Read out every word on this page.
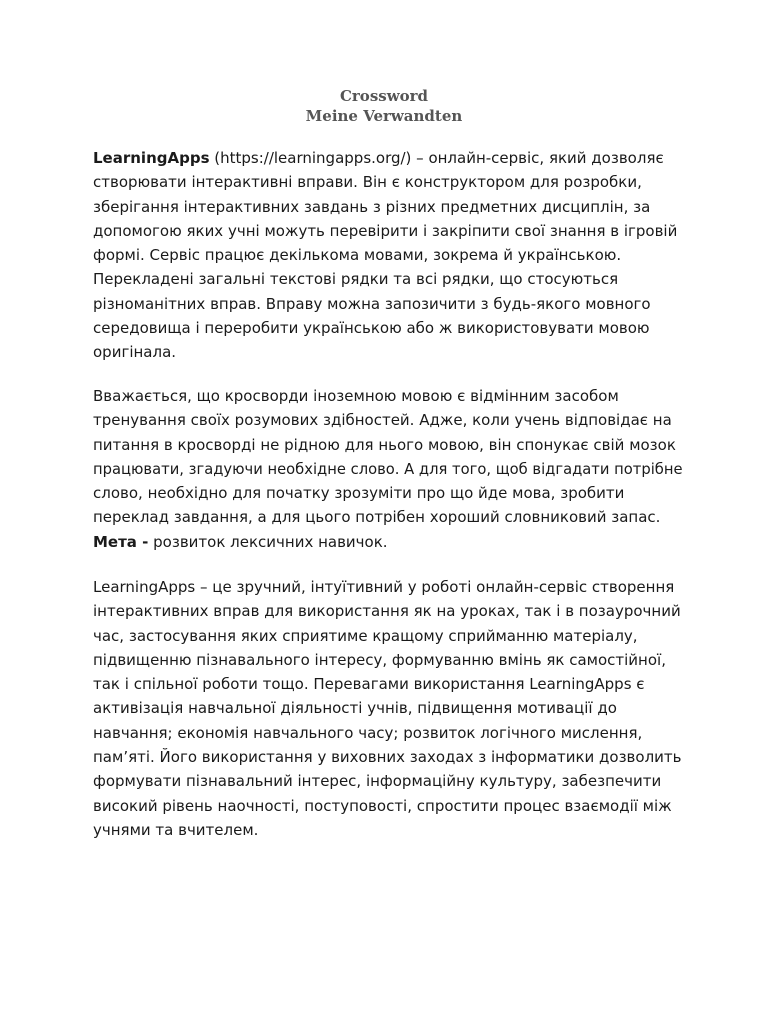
Crossword
Meine Verwandten
LearningApps (https://learningapps.org/) – онлайн-сервіс, який дозволяє
створювати інтерактивні вправи. Він є конструктором для розробки,
зберігання інтерактивних завдань з різних предметних дисциплін, за
допомогою яких учні можуть перевірити і закріпити свої знання в ігровій
формі. Сервіс працює декількома мовами, зокрема й українською.
Перекладені загальні текстові рядки та всі рядки, що стосуються
різноманітних вправ. Вправу можна запозичити з будь-якого мовного
середовища і переробити українською або ж використовувати мовою
оригінала.
Вважається, що кросворди іноземною мовою є відмінним засобом
тренування своїх розумових здібностей. Адже, коли учень відповідає на
питання в кросворді не рідною для нього мовою, він спонукає свій мозок
працювати, згадуючи необхідне слово. А для того, щоб відгадати потрібне
слово, необхідно для початку зрозуміти про що йде мова, зробити
переклад завдання, а для цього потрібен хороший словниковий запас.
Мета - розвиток лексичних навичок.
LearningApps – це зручний, інтуїтивний у роботі онлайн-сервіс створення
інтерактивних вправ для використання як на уроках, так і в позаурочний
час, застосування яких сприятиме кращому сприйманню матеріалу,
підвищенню пізнавального інтересу, формуванню вмінь як самостійної,
так і спільної роботи тощо. Перевагами використання LearningApps є
активізація навчальної діяльності учнів, підвищення мотивації до
навчання; економія навчального часу; розвиток логічного мислення,
пам’яті. Його використання у виховних заходах з інформатики дозволить
формувати пізнавальний інтерес, інформаційну культуру, забезпечити
високий рівень наочності, поступовості, спростити процес взаємодії між
учнями та вчителем.
